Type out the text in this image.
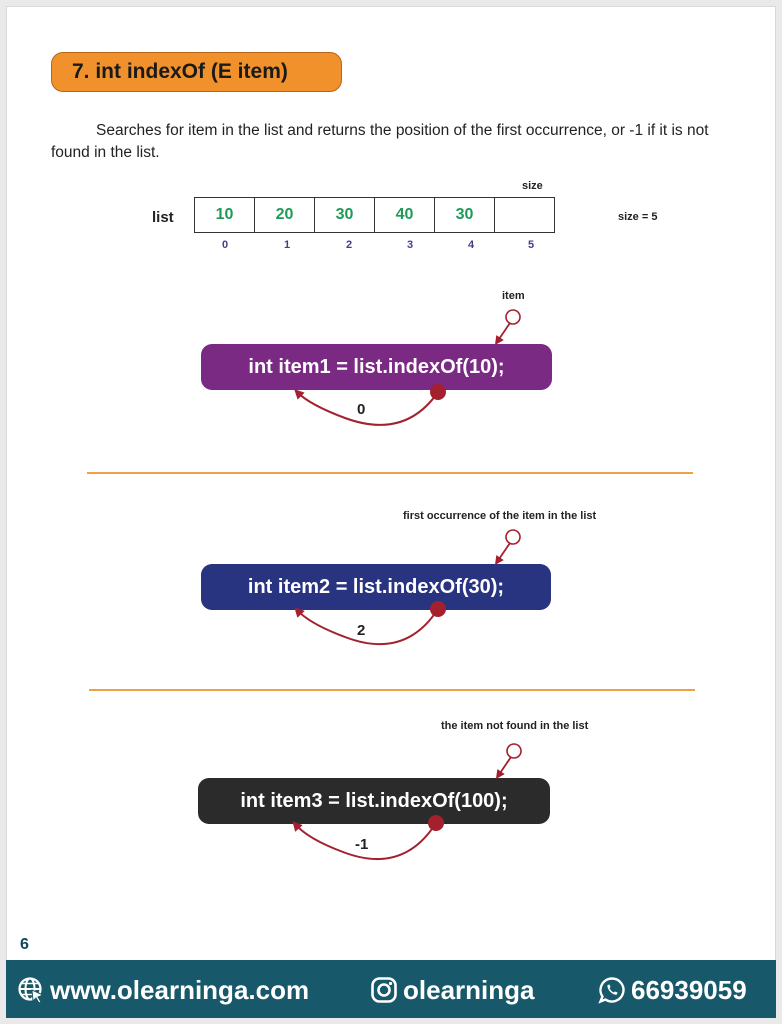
7. int indexOf (E item)
Searches for item in the list and returns the position of the first occurrence, or -1 if it is not found in the list.
list
size
10	20	30	40	30
0	1	2	3	4	5
size = 5
item
int item1 = list.indexOf(10);
0
first occurrence of the item in the list
int item2 = list.indexOf(30);
2
the item not found in the list
int item3 = list.indexOf(100);
-1
6
www.olearninga.com	olearninga	66939059
